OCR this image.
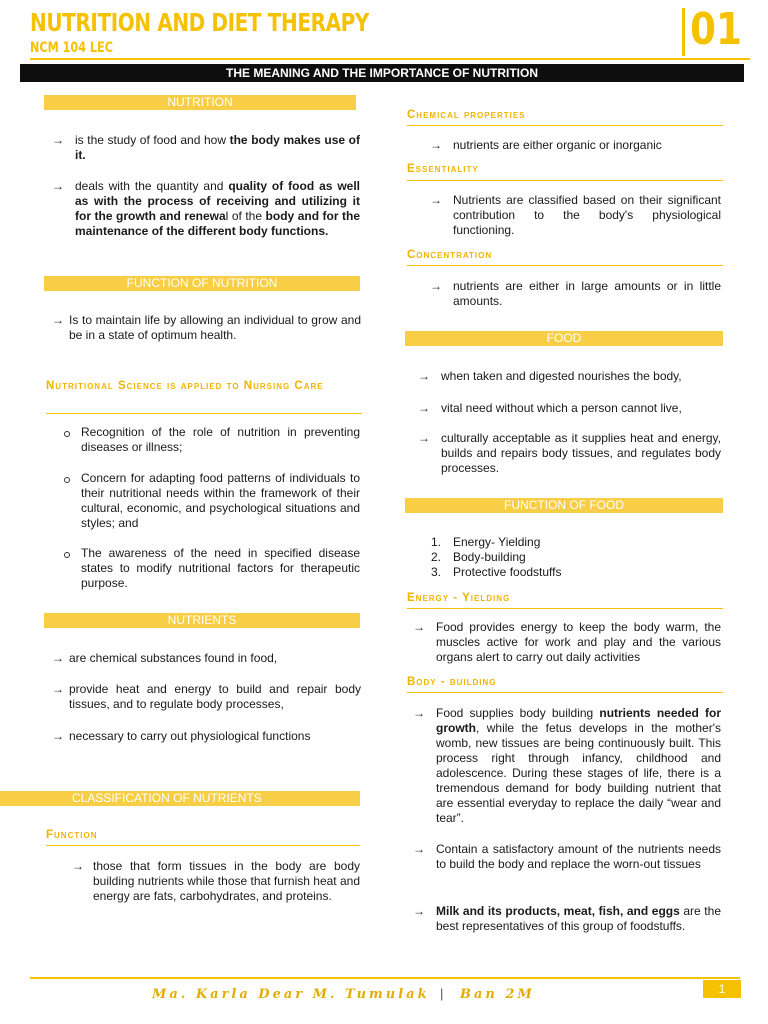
NUTRITION AND DIET THERAPY
NCM 104 LEC	01
THE MEANING AND THE IMPORTANCE OF NUTRITION
NUTRITION
→ is the study of food and how the body makes use of it.
→ deals with the quantity and quality of food as well as with the process of receiving and utilizing it for the growth and renewal of the body and for the maintenance of the different body functions.
FUNCTION OF NUTRITION
→ Is to maintain life by allowing an individual to grow and be in a state of optimum health.
Nutritional Science is applied to Nursing Care
Recognition of the role of nutrition in preventing diseases or illness;
Concern for adapting food patterns of individuals to their nutritional needs within the framework of their cultural, economic, and psychological situations and styles; and
The awareness of the need in specified disease states to modify nutritional factors for therapeutic purpose.
NUTRIENTS
→ are chemical substances found in food,
→ provide heat and energy to build and repair body tissues, and to regulate body processes,
→ necessary to carry out physiological functions
CLASSIFICATION OF NUTRIENTS
Function
→ those that form tissues in the body are body building nutrients while those that furnish heat and energy are fats, carbohydrates, and proteins.
Chemical properties
→ nutrients are either organic or inorganic
Essentiality
→ Nutrients are classified based on their significant contribution to the body's physiological functioning.
Concentration
→ nutrients are either in large amounts or in little amounts.
FOOD
→ when taken and digested nourishes the body,
→ vital need without which a person cannot live,
→ culturally acceptable as it supplies heat and energy, builds and repairs body tissues, and regulates body processes.
FUNCTION OF FOOD
1. Energy- Yielding
2. Body-building
3. Protective foodstuffs
Energy - Yielding
→ Food provides energy to keep the body warm, the muscles active for work and play and the various organs alert to carry out daily activities
Body - building
→ Food supplies body building nutrients needed for growth, while the fetus develops in the mother's womb, new tissues are being continuously built. This process right through infancy, childhood and adolescence. During these stages of life, there is a tremendous demand for body building nutrient that are essential everyday to replace the daily “wear and tear”.
→ Contain a satisfactory amount of the nutrients needs to build the body and replace the worn-out tissues
→ Milk and its products, meat, fish, and eggs are the best representatives of this group of foodstuffs.
Ma. Karla Dear M. Tumulak | Ban 2M	1
